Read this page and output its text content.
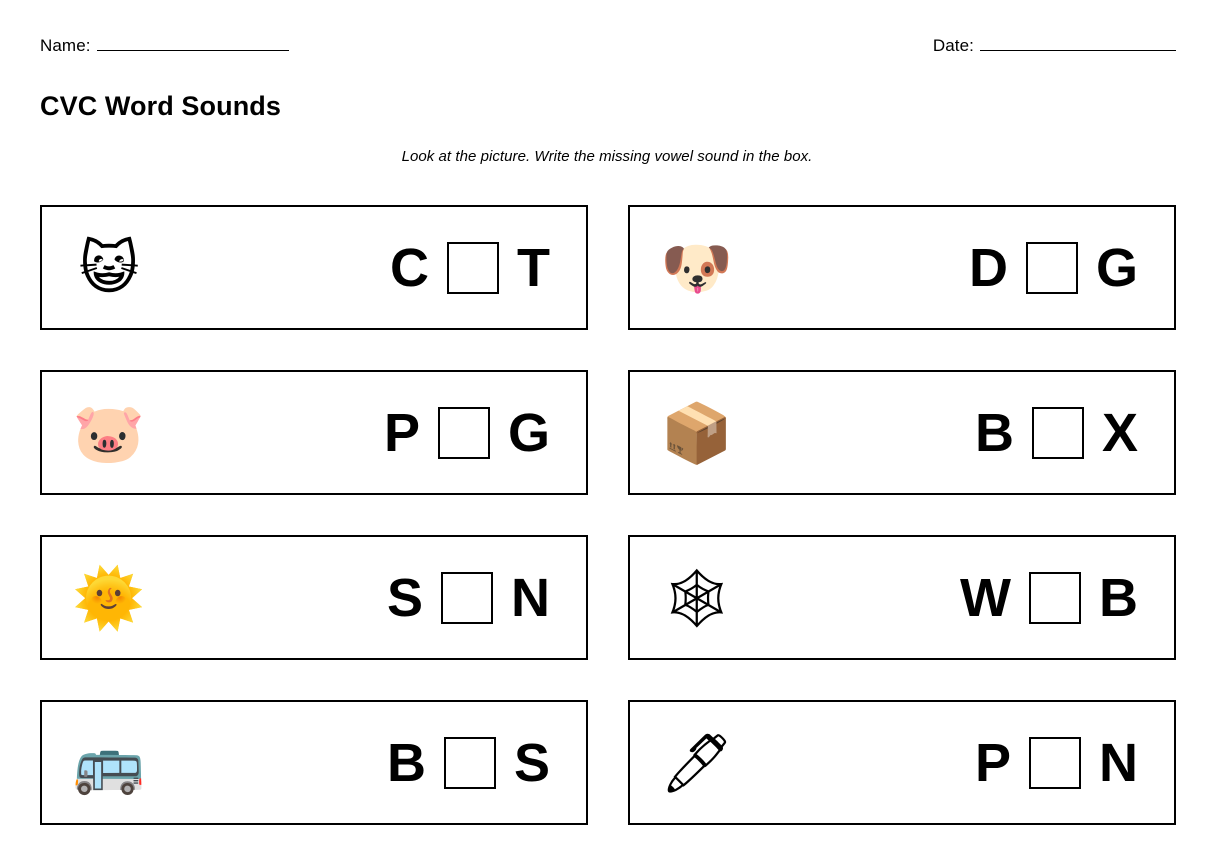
Name:	Date:
CVC Word Sounds
Look at the picture. Write the missing vowel sound in the box.
😺	C T 🐶	D G
🐷	P G 📦	B X
🌞	S N 🕸	W B
🚌	B S 🖊	P N
